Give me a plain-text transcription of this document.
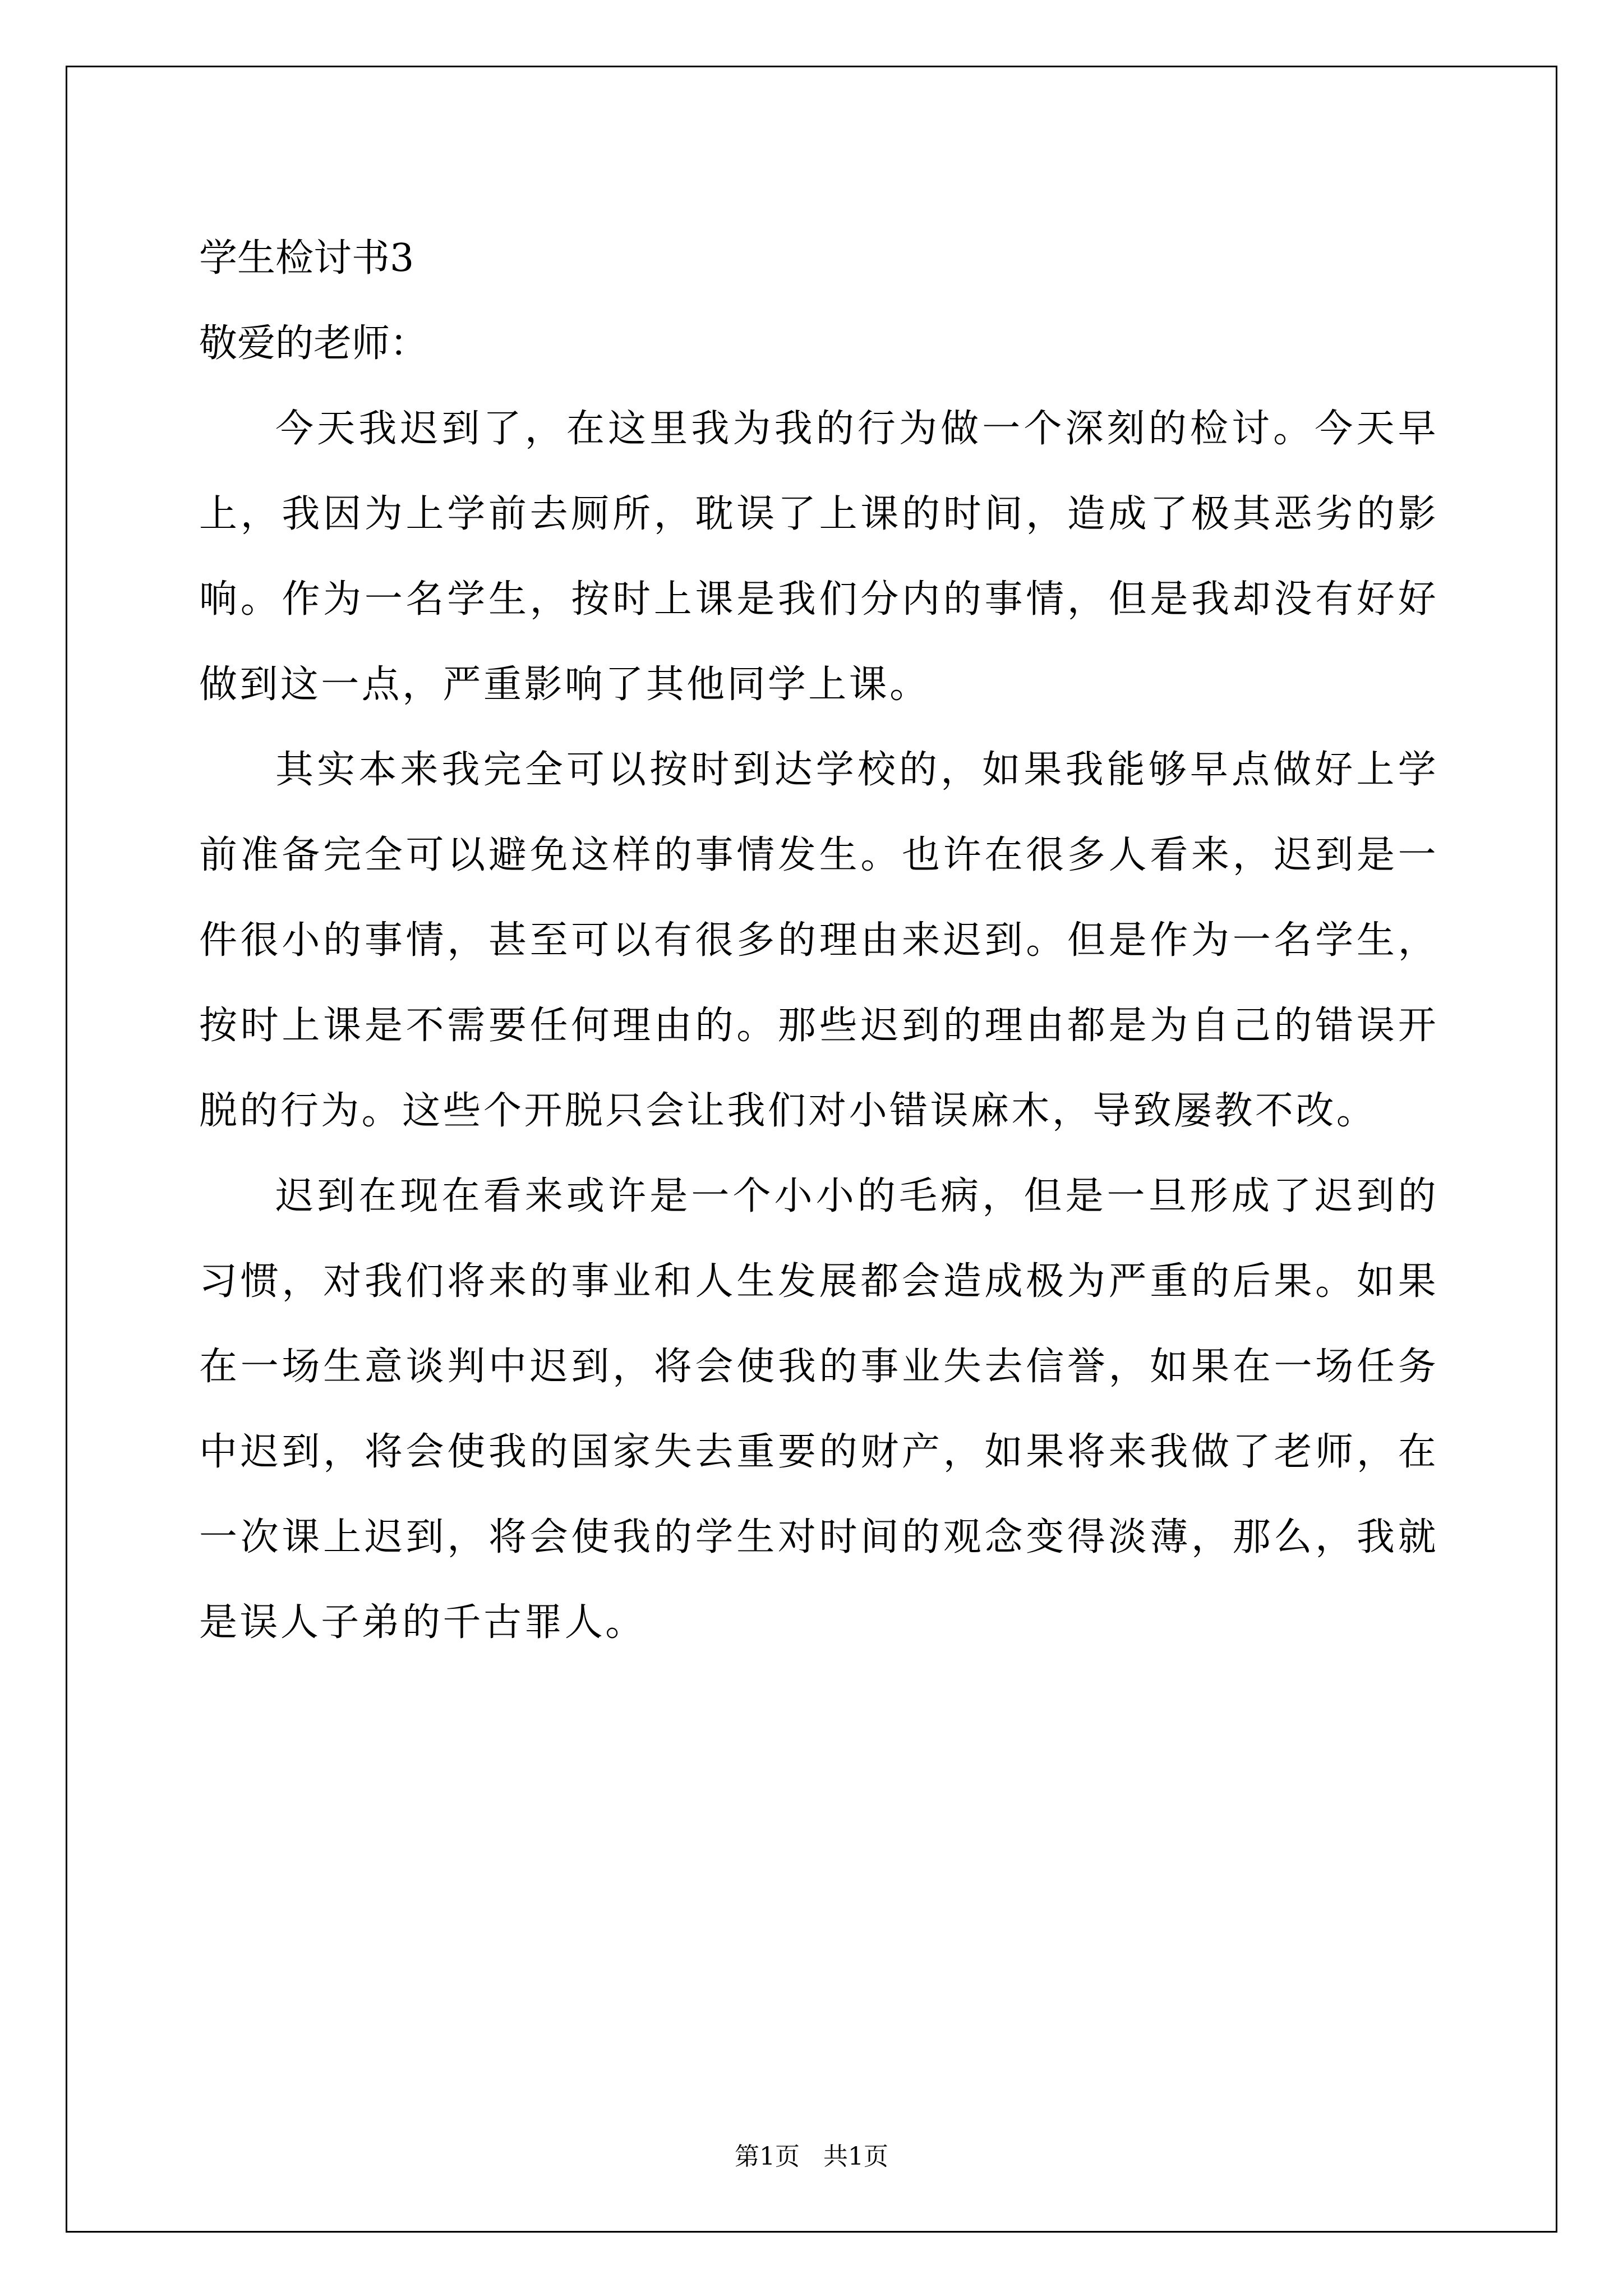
学生检讨书3

敬爱的老师：

今天我迟到了，在这里我为我的行为做一个深刻的检讨。今天早上，我因为上学前去厕所，耽误了上课的时间，造成了极其恶劣的影响。作为一名学生，按时上课是我们分内的事情，但是我却没有好好做到这一点，严重影响了其他同学上课。

其实本来我完全可以按时到达学校的，如果我能够早点做好上学前准备完全可以避免这样的事情发生。也许在很多人看来，迟到是一件很小的事情，甚至可以有很多的理由来迟到。但是作为一名学生，按时上课是不需要任何理由的。那些迟到的理由都是为自己的错误开脱的行为。这些个开脱只会让我们对小错误麻木，导致屡教不改。

迟到在现在看来或许是一个小小的毛病，但是一旦形成了迟到的习惯，对我们将来的事业和人生发展都会造成极为严重的后果。如果在一场生意谈判中迟到，将会使我的事业失去信誉，如果在一场任务中迟到，将会使我的国家失去重要的财产，如果将来我做了老师，在一次课上迟到，将会使我的学生对时间的观念变得淡薄，那么，我就是误人子弟的千古罪人。

第1页   共1页
